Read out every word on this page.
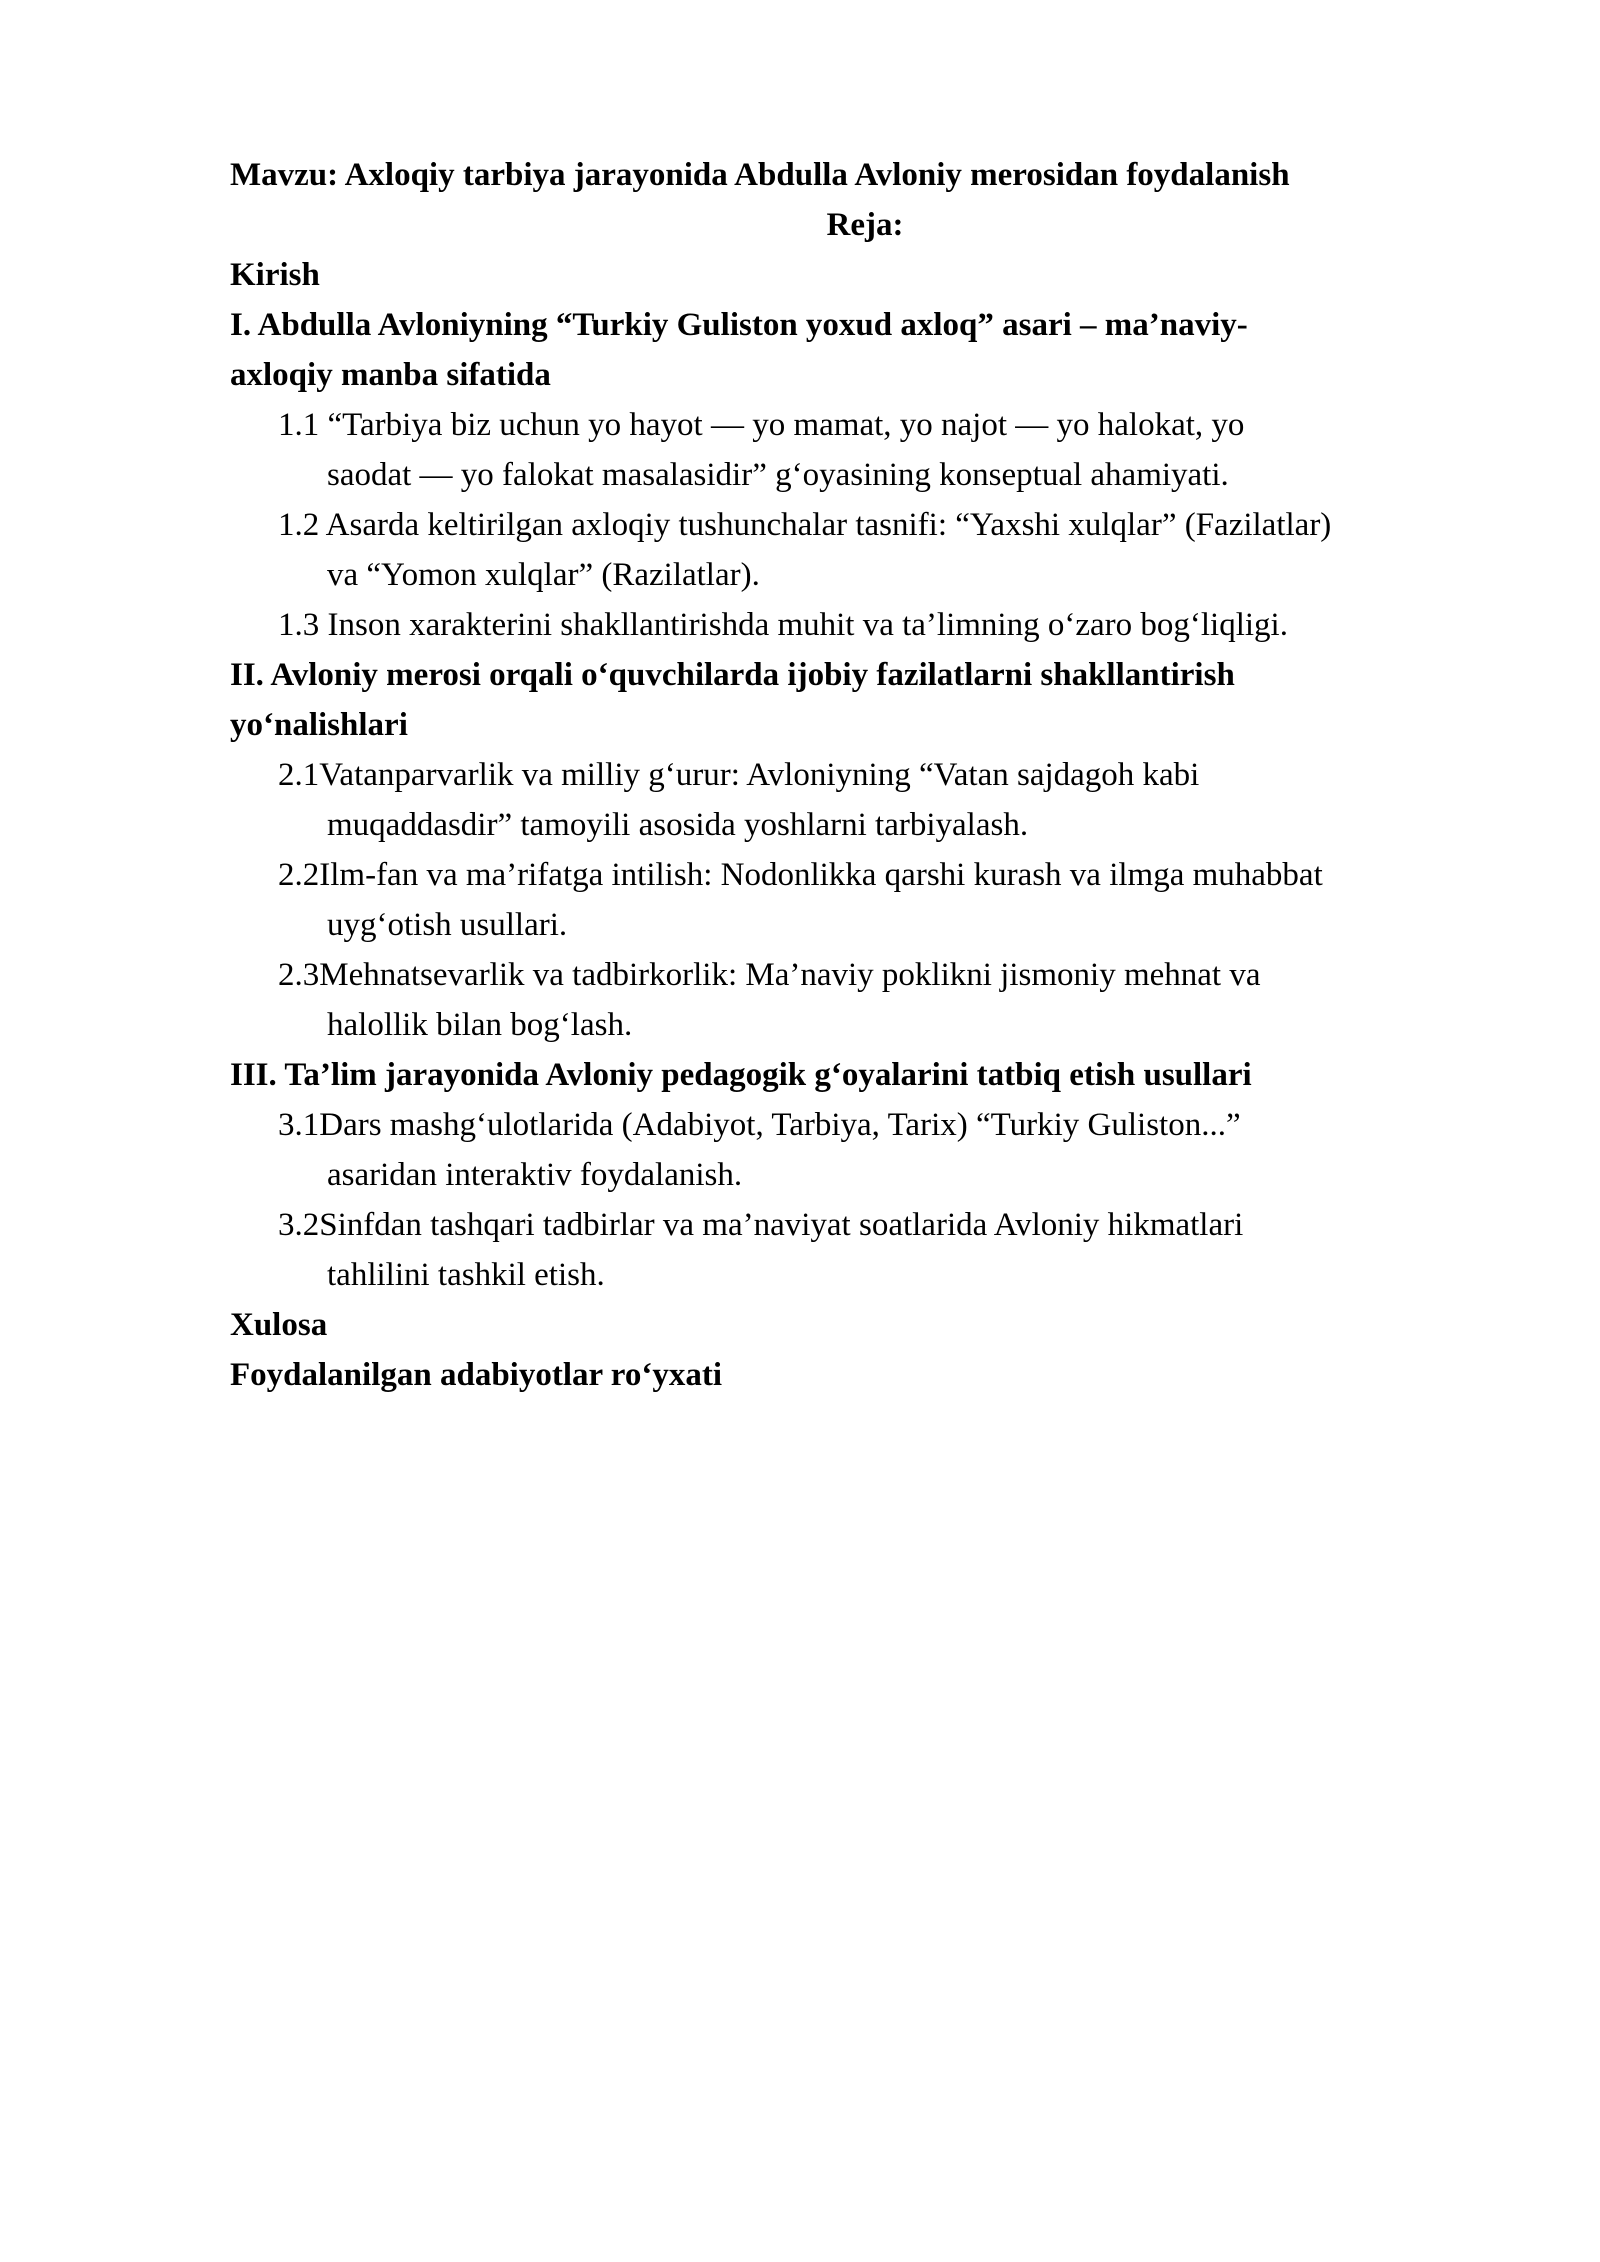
Mavzu: Axloqiy tarbiya jarayonida Abdulla Avloniy merosidan foydalanish
Reja:
Kirish
I. Abdulla Avloniyning “Turkiy Guliston yoxud axloq” asari – ma’naviy-
axloqiy manba sifatida
1.1 “Tarbiya biz uchun yo hayot — yo mamat, yo najot — yo halokat, yo
saodat — yo falokat masalasidir” g‘oyasining konseptual ahamiyati.
1.2 Asarda keltirilgan axloqiy tushunchalar tasnifi: “Yaxshi xulqlar” (Fazilatlar)
va “Yomon xulqlar” (Razilatlar).
1.3 Inson xarakterini shakllantirishda muhit va ta’limning o‘zaro bog‘liqligi.
II. Avloniy merosi orqali o‘quvchilarda ijobiy fazilatlarni shakllantirish
yo‘nalishlari
2.1Vatanparvarlik va milliy g‘urur: Avloniyning “Vatan sajdagoh kabi
muqaddasdir” tamoyili asosida yoshlarni tarbiyalash.
2.2Ilm-fan va ma’rifatga intilish: Nodonlikka qarshi kurash va ilmga muhabbat
uyg‘otish usullari.
2.3Mehnatsevarlik va tadbirkorlik: Ma’naviy poklikni jismoniy mehnat va
halollik bilan bog‘lash.
III. Ta’lim jarayonida Avloniy pedagogik g‘oyalarini tatbiq etish usullari
3.1Dars mashg‘ulotlarida (Adabiyot, Tarbiya, Tarix) “Turkiy Guliston...”
asaridan interaktiv foydalanish.
3.2Sinfdan tashqari tadbirlar va ma’naviyat soatlarida Avloniy hikmatlari
tahlilini tashkil etish.
Xulosa
Foydalanilgan adabiyotlar ro‘yxati
